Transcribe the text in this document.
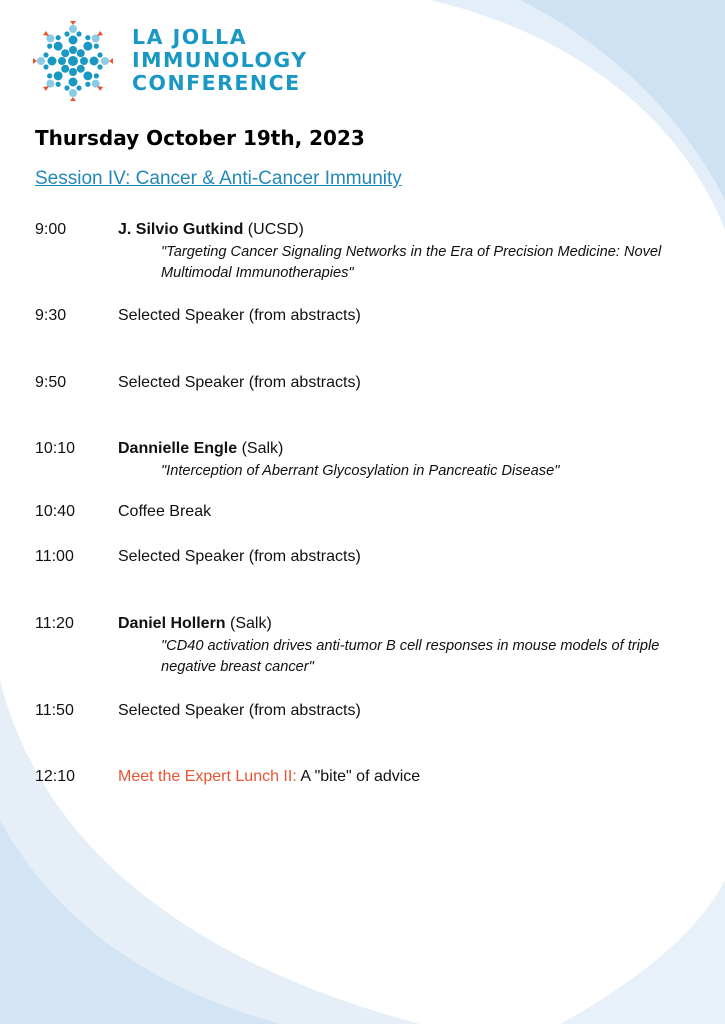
LA JOLLA
IMMUNOLOGY
CONFERENCE
Thursday October 19th, 2023
Session IV: Cancer & Anti-Cancer Immunity
9:00	J. Silvio Gutkind (UCSD)
"Targeting Cancer Signaling Networks in the Era of Precision Medicine: Novel Multimodal Immunotherapies"
9:30	Selected Speaker (from abstracts)
9:50	Selected Speaker (from abstracts)
10:10	Dannielle Engle (Salk)
"Interception of Aberrant Glycosylation in Pancreatic Disease"
10:40	Coffee Break
11:00	Selected Speaker (from abstracts)
11:20	Daniel Hollern (Salk)
"CD40 activation drives anti-tumor B cell responses in mouse models of triple negative breast cancer"
11:50	Selected Speaker (from abstracts)
12:10	Meet the Expert Lunch II: A "bite" of advice
